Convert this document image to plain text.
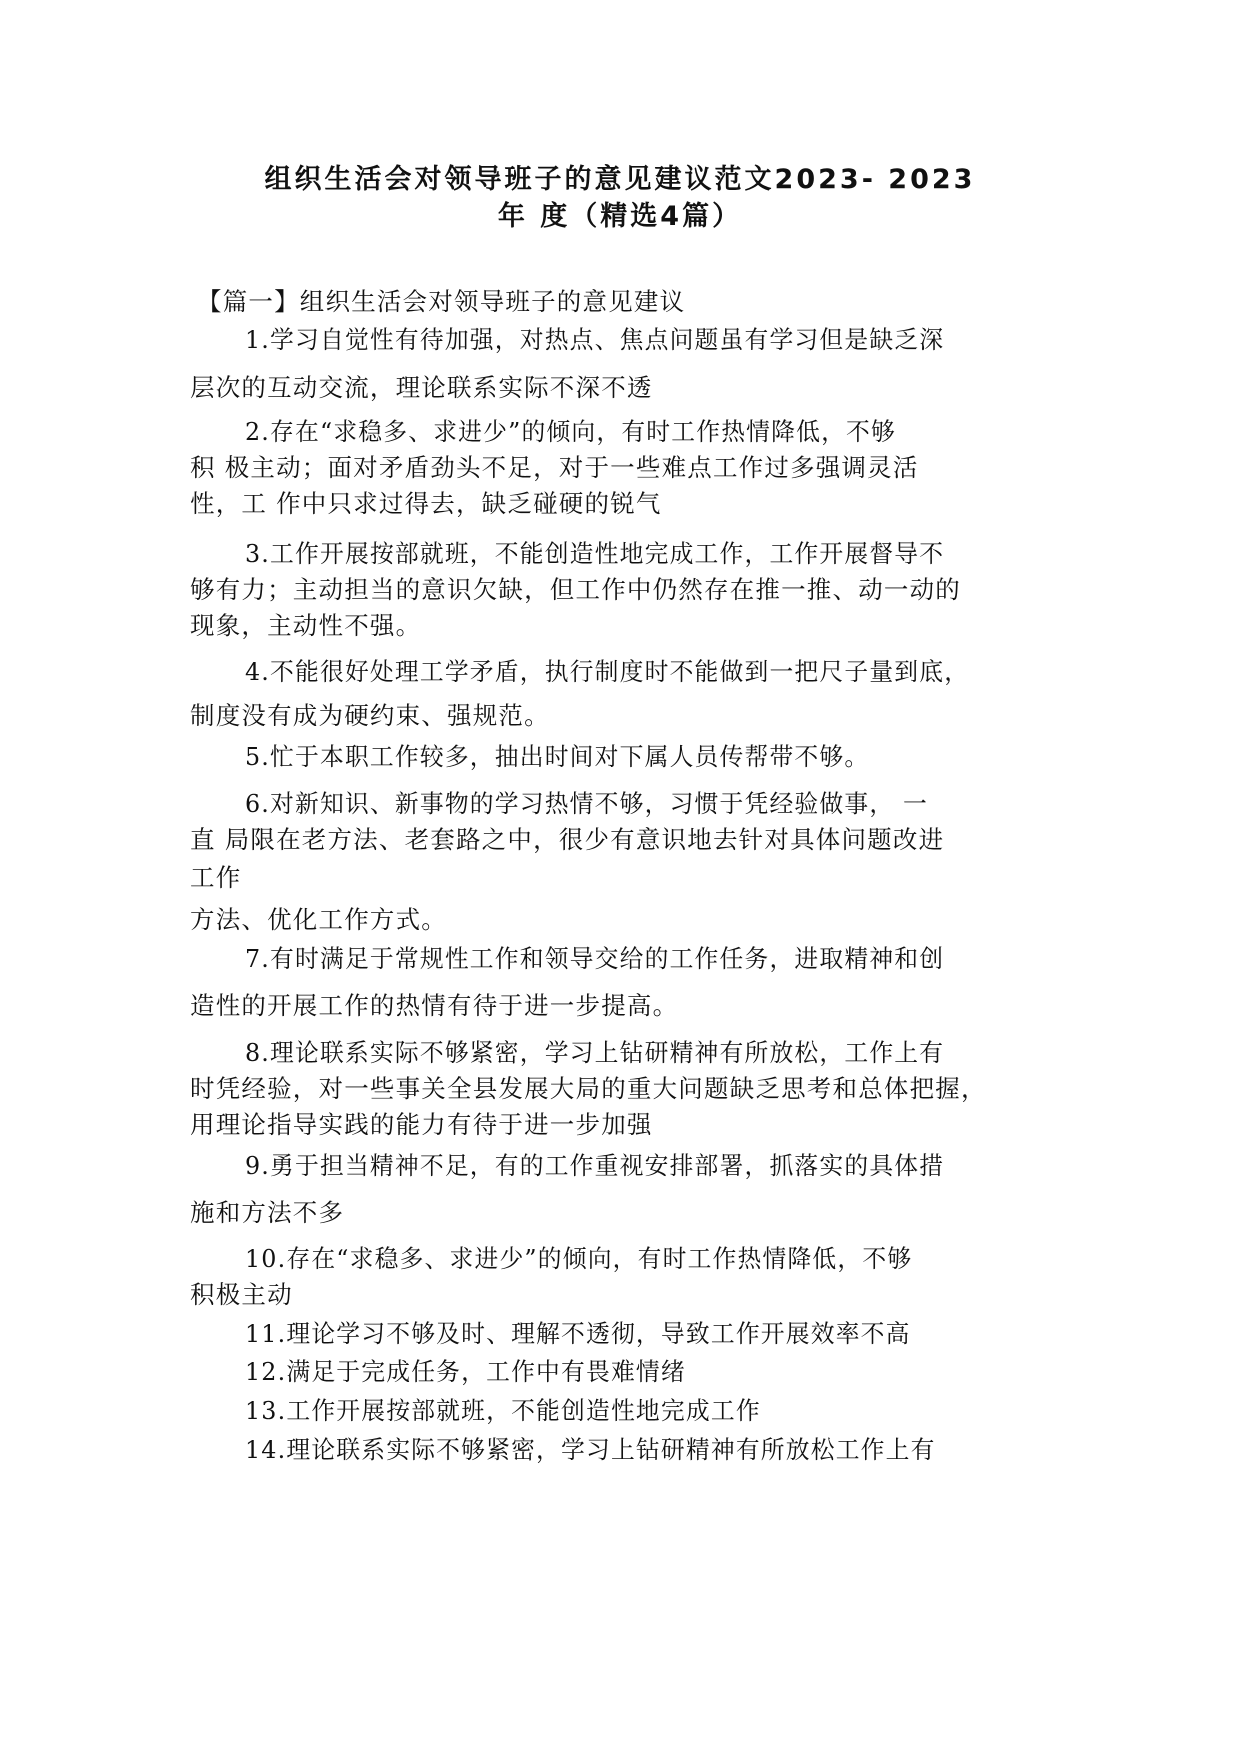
组织生活会对领导班子的意见建议范文2023- 2023
年 度（精选4篇）
【篇一】组织生活会对领导班子的意见建议
1.学习自觉性有待加强，对热点、焦点问题虽有学习但是缺乏深
层次的互动交流，理论联系实际不深不透
2.存在“求稳多、求进少”的倾向，有时工作热情降低，不够
积 极主动；面对矛盾劲头不足，对于一些难点工作过多强调灵活
性，工 作中只求过得去，缺乏碰硬的锐气
3.工作开展按部就班，不能创造性地完成工作，工作开展督导不
够有力；主动担当的意识欠缺，但工作中仍然存在推一推、动一动的
现象，主动性不强。
4.不能很好处理工学矛盾，执行制度时不能做到一把尺子量到底，
制度没有成为硬约束、强规范。
5.忙于本职工作较多，抽出时间对下属人员传帮带不够。
6.对新知识、新事物的学习热情不够，习惯于凭经验做事， 一
直 局限在老方法、老套路之中，很少有意识地去针对具体问题改进
工作
方法、优化工作方式。
7.有时满足于常规性工作和领导交给的工作任务，进取精神和创
造性的开展工作的热情有待于进一步提高。
8.理论联系实际不够紧密，学习上钻研精神有所放松，工作上有
时凭经验，对一些事关全县发展大局的重大问题缺乏思考和总体把握，
用理论指导实践的能力有待于进一步加强
9.勇于担当精神不足，有的工作重视安排部署，抓落实的具体措
施和方法不多
10.存在“求稳多、求进少”的倾向，有时工作热情降低，不够
积极主动
11.理论学习不够及时、理解不透彻，导致工作开展效率不高
12.满足于完成任务，工作中有畏难情绪
13.工作开展按部就班，不能创造性地完成工作
14.理论联系实际不够紧密，学习上钻研精神有所放松工作上有
